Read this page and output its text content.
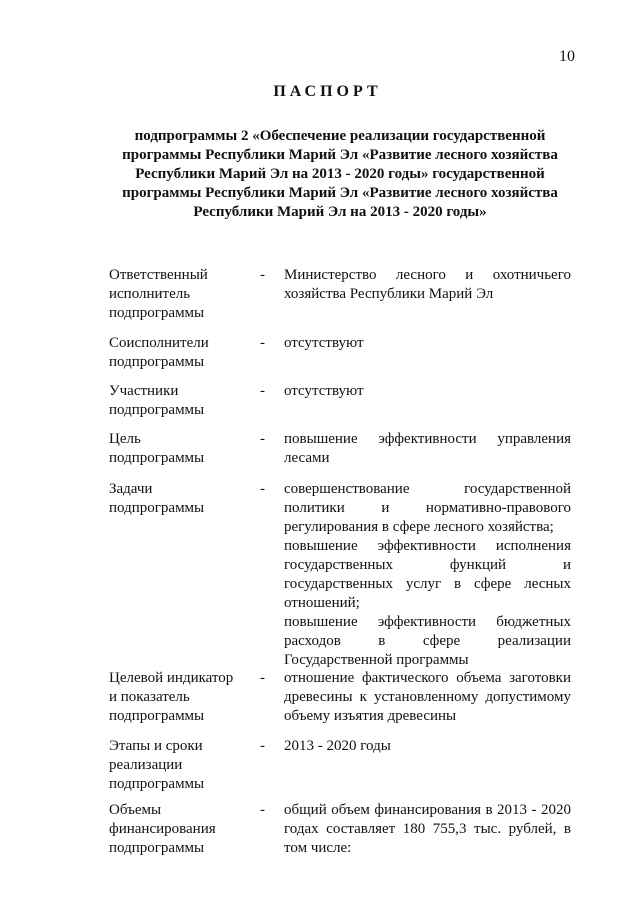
10
ПАСПОРТ
подпрограммы 2 «Обеспечение реализации государственной программы Республики Марий Эл «Развитие лесного хозяйства Республики Марий Эл на 2013 - 2020 годы» государственной программы Республики Марий Эл «Развитие лесного хозяйства Республики Марий Эл на 2013 - 2020 годы»
Ответственный
исполнитель
подпрограммы
-	Министерство лесного и охотничьего хозяйства Республики Марий Эл
Соисполнители
подпрограммы
-	отсутствуют
Участники
подпрограммы
-	отсутствуют
Цель
подпрограммы
-	повышение эффективности управления лесами
Задачи
подпрограммы
-	совершенствование государственной политики и нормативно-правового регулирования в сфере лесного хозяйства;
повышение эффективности исполнения государственных функций и государственных услуг в сфере лесных отношений;
повышение эффективности бюджетных расходов в сфере реализации Государственной программы
Целевой индикатор
и показатель
подпрограммы
-	отношение фактического объема заготовки древесины к установленному допустимому объему изъятия древесины
Этапы и сроки
реализации
подпрограммы
-	2013 - 2020 годы
Объемы
финансирования
подпрограммы
-	общий объем финансирования в 2013 - 2020 годах составляет 180 755,3 тыс. рублей, в том числе:
